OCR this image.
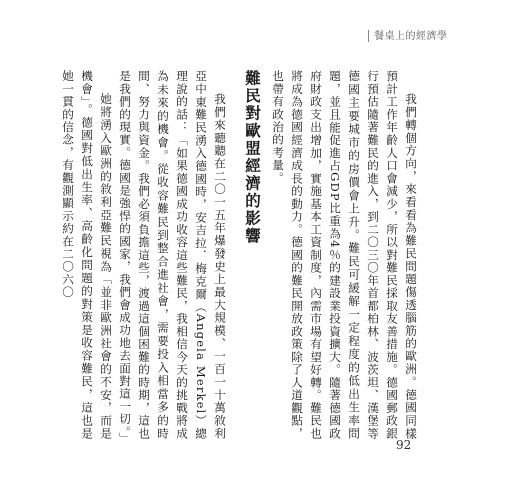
餐桌上的經濟學

我們轉個方向，來看看為難民問題傷透腦筋的歐洲。德國同樣預計工作年齡人口會減少，所以對難民採取友善措施。德國郵政銀行預估隨著難民的進入，到二〇三〇年首都柏林、波茨坦、漢堡等德國主要城市的房價會上升。難民可緩解一定程度的低出生率問題，並且能促進占GDP比重為4％的建設業投資擴大。隨著德國政府財政支出增加，實施基本工資制度，內需市場有望好轉。難民也將成為德國經濟成長的動力。德國的難民開放政策除了人道觀點，也帶有政治的考量。

難民對歐盟經濟的影響

我們來聽聽在二〇一五年爆發史上最大規模、一百一十萬敘利亞中東難民湧入德國時，安吉拉．梅克爾（Angela Merkel）總理說的話：「如果德國成功收容這些難民，我相信今天的挑戰將成為未來的機會。從收容難民到整合進社會，需要投入相當多的時間、努力與資金。我們必須負擔這些，渡過這個困難的時期，這也是我們的現實。德國是強悍的國家，我們會成功地去面對這一切。」

她將湧入歐洲的敘利亞難民視為「並非歐洲社會的不安，而是機會」。德國對低出生率、高齡化問題的對策是收容難民，這也是她一貫的信念，有觀測顯示約在二〇六〇

92
